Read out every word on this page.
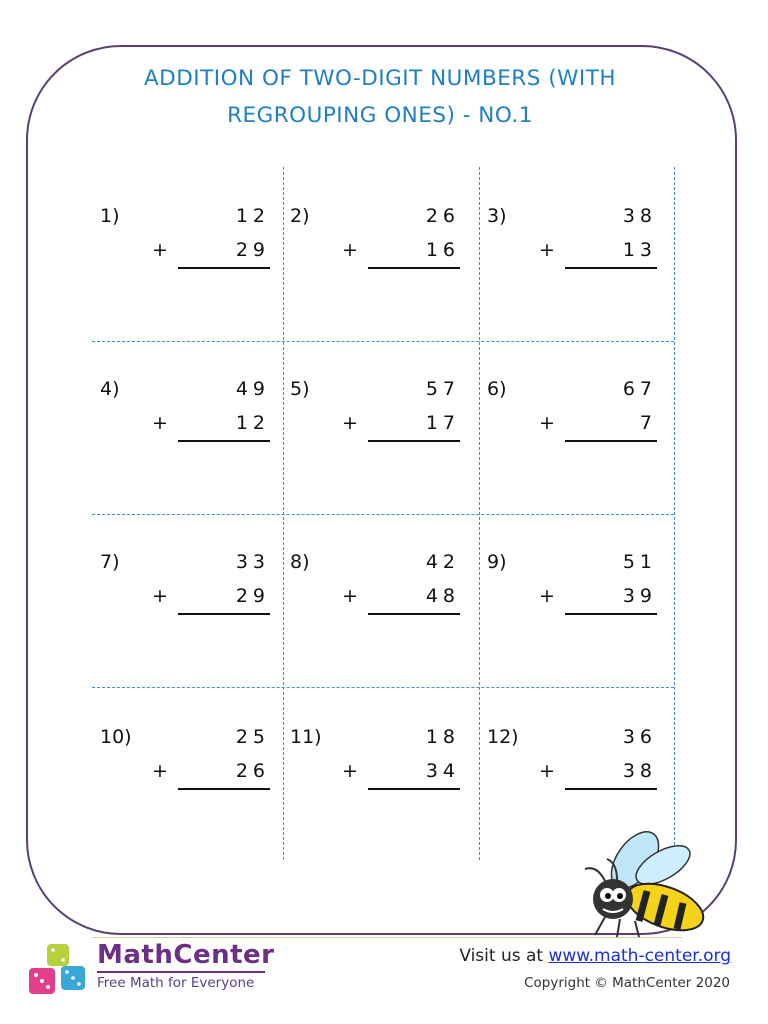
ADDITION OF TWO-DIGIT NUMBERS (WITH
REGROUPING ONES) - NO.1
1)	12
+	29
2)	26
+	16
3)	38
+	13
4)	49
+	12
5)	57
+	17
6)	67
+	7
7)	33
+	29
8)	42
+	48
9)	51
+	39
10)	25
+	26
11)	18
+	34
12)	36
+	38
MathCenter
Free Math for Everyone
Visit us at www.math-center.org
Copyright © MathCenter 2020
